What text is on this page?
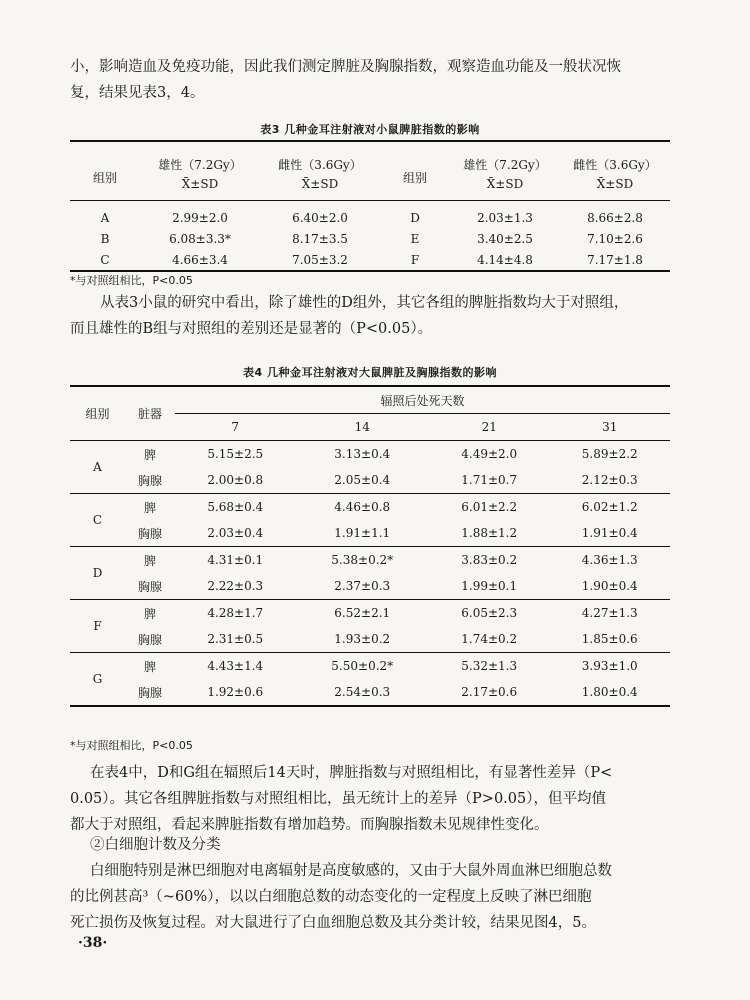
小，影响造血及免疫功能，因此我们测定脾脏及胸腺指数，观察造血功能及一般状况恢
复，结果见表3，4。

表3 几种金耳注射液对小鼠脾脏指数的影响
组别	雄性（7.2Gy）	雌性（3.6Gy）	组别	雄性（7.2Gy）	雌性（3.6Gy）
	X̄±SD	X̄±SD		X̄±SD	X̄±SD
A	2.99±2.0	6.40±2.0	D	2.03±1.3	8.66±2.8
B	6.08±3.3*	8.17±3.5	E	3.40±2.5	7.10±2.6
C	4.66±3.4	7.05±3.2	F	4.14±4.8	7.17±1.8
*与对照组相比，P<0.05

从表3小鼠的研究中看出，除了雄性的D组外，其它各组的脾脏指数均大于对照组，
而且雄性的B组与对照组的差别还是显著的（P<0.05）。

表4 几种金耳注射液对大鼠脾脏及胸腺指数的影响
组别	脏器	辐照后处死天数			
		7	14	21	31
A	脾	5.15±2.5	3.13±0.4	4.49±2.0	5.89±2.2
	胸腺	2.00±0.8	2.05±0.4	1.71±0.7	2.12±0.3
C	脾	5.68±0.4	4.46±0.8	6.01±2.2	6.02±1.2
	胸腺	2.03±0.4	1.91±1.1	1.88±1.2	1.91±0.4
D	脾	4.31±0.1	5.38±0.2*	3.83±0.2	4.36±1.3
	胸腺	2.22±0.3	2.37±0.3	1.99±0.1	1.90±0.4
F	脾	4.28±1.7	6.52±2.1	6.05±2.3	4.27±1.3
	胸腺	2.31±0.5	1.93±0.2	1.74±0.2	1.85±0.6
G	脾	4.43±1.4	5.50±0.2*	5.32±1.3	3.93±1.0
	胸腺	1.92±0.6	2.54±0.3	2.17±0.6	1.80±0.4
*与对照组相比，P<0.05

在表4中，D和G组在辐照后14天时，脾脏指数与对照组相比，有显著性差异（P<
0.05）。其它各组脾脏指数与对照组相比，虽无统计上的差异（P>0.05），但平均值
都大于对照组，看起来脾脏指数有增加趋势。而胸腺指数未见规律性变化。

②白细胞计数及分类
白细胞特别是淋巴细胞对电离辐射是高度敏感的，又由于大鼠外周血淋巴细胞总数
的比例甚高³（~60%），以以白细胞总数的动态变化的一定程度上反映了淋巴细胞
死亡损伤及恢复过程。对大鼠进行了白血细胞总数及其分类计较，结果见图4，5。

·38·
